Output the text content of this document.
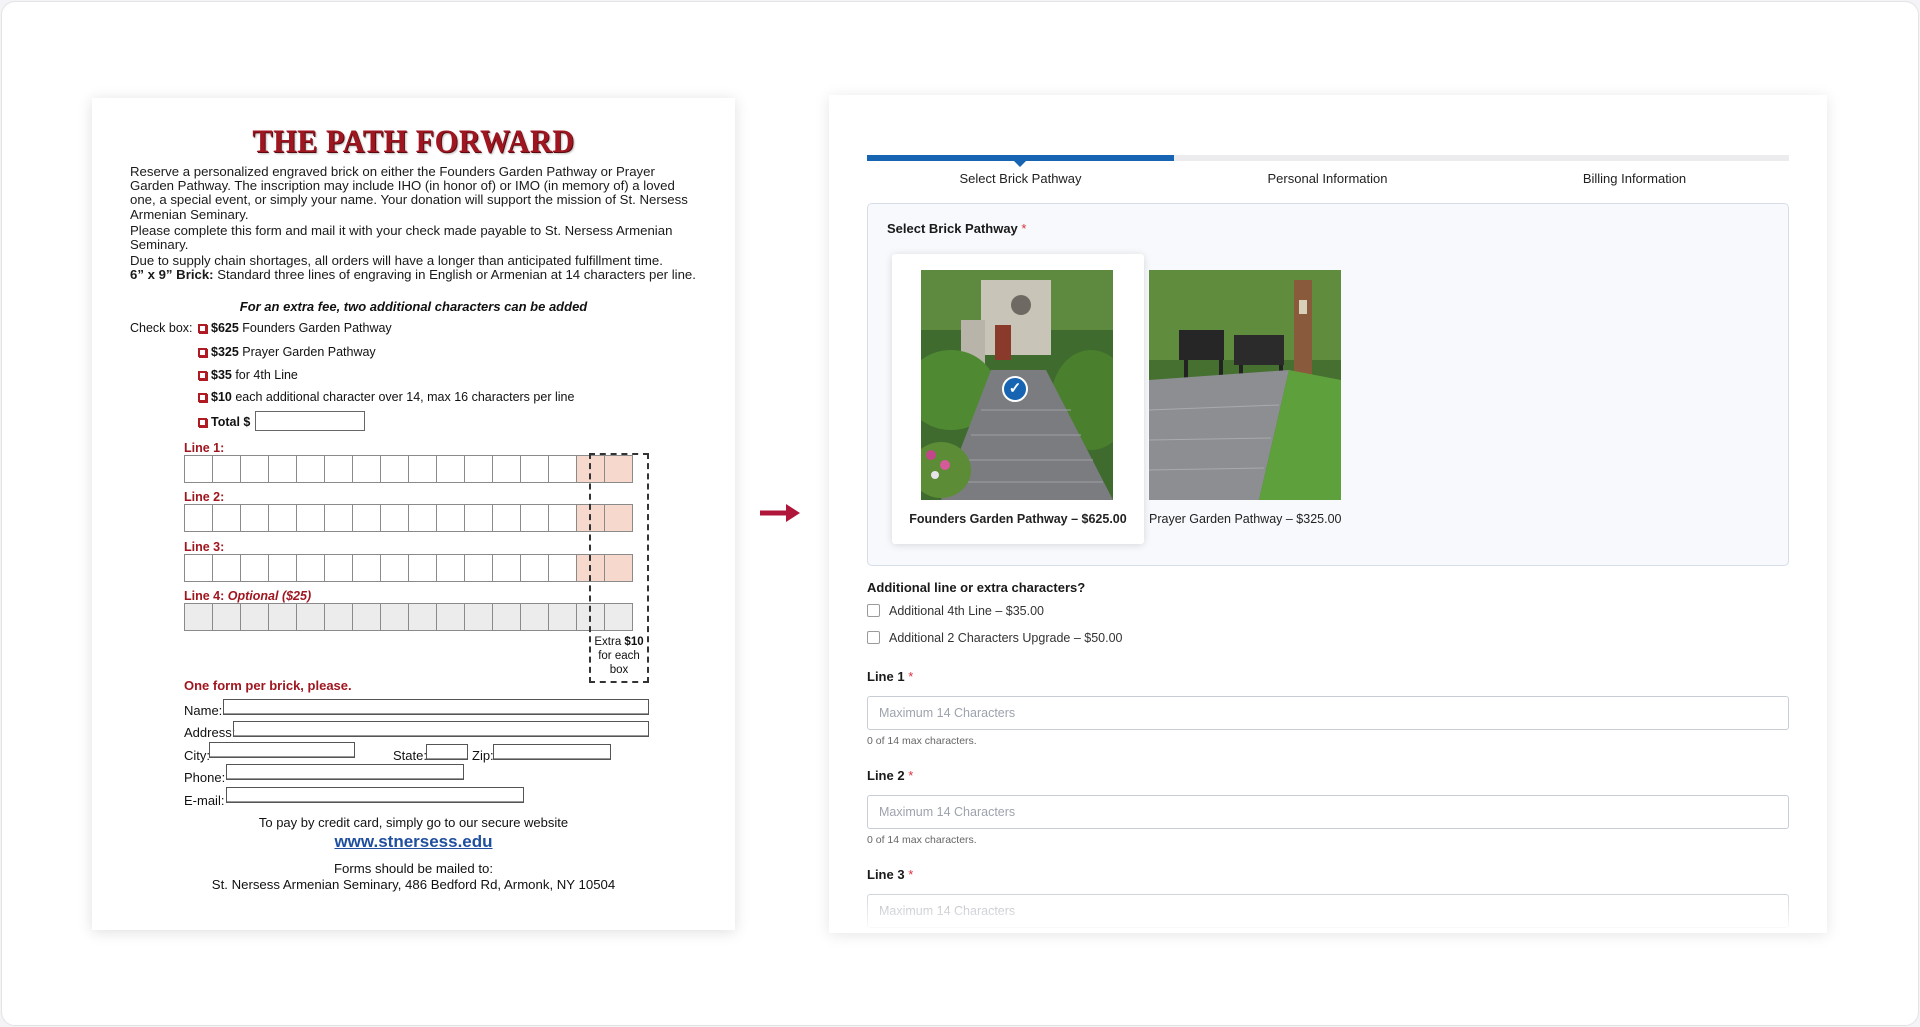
THE PATH FORWARD

Reserve a personalized engraved brick on either the Founders Garden Pathway or Prayer Garden Pathway. The inscription may include IHO (in honor of) or IMO (in memory of) a loved one, a special event, or simply your name. Your donation will support the mission of St. Nersess Armenian Seminary.

Please complete this form and mail it with your check made payable to St. Nersess Armenian Seminary.

Due to supply chain shortages, all orders will have a longer than anticipated fulfillment time.

6” x 9” Brick: Standard three lines of engraving in English or Armenian at 14 characters per line.

For an extra fee, two additional characters can be added
Check box:	$625 Founders Garden Pathway
$325 Prayer Garden Pathway
$35 for 4th Line
$10 each additional character over 14, max 16 characters per line
Total $
Line 1:
Line 2:
Line 3:
Line 4: Optional ($25)
Extra $10 for each box
One form per brick, please.
Name:
Address:
City:	State:	Zip:
Phone:
E-mail:
To pay by credit card, simply go to our secure website
www.stnersess.edu
Forms should be mailed to:
St. Nersess Armenian Seminary, 486 Bedford Rd, Armonk, NY 10504
Select Brick Pathway	Personal Information	Billing Information
Select Brick Pathway *
✓
Founders Garden Pathway – $625.00	Prayer Garden Pathway – $325.00
Additional line or extra characters?
Additional 4th Line – $35.00
Additional 2 Characters Upgrade – $50.00
Line 1 *
Maximum 14 Characters
0 of 14 max characters.
Line 2 *
Maximum 14 Characters
0 of 14 max characters.
Line 3 *
Maximum 14 Characters
